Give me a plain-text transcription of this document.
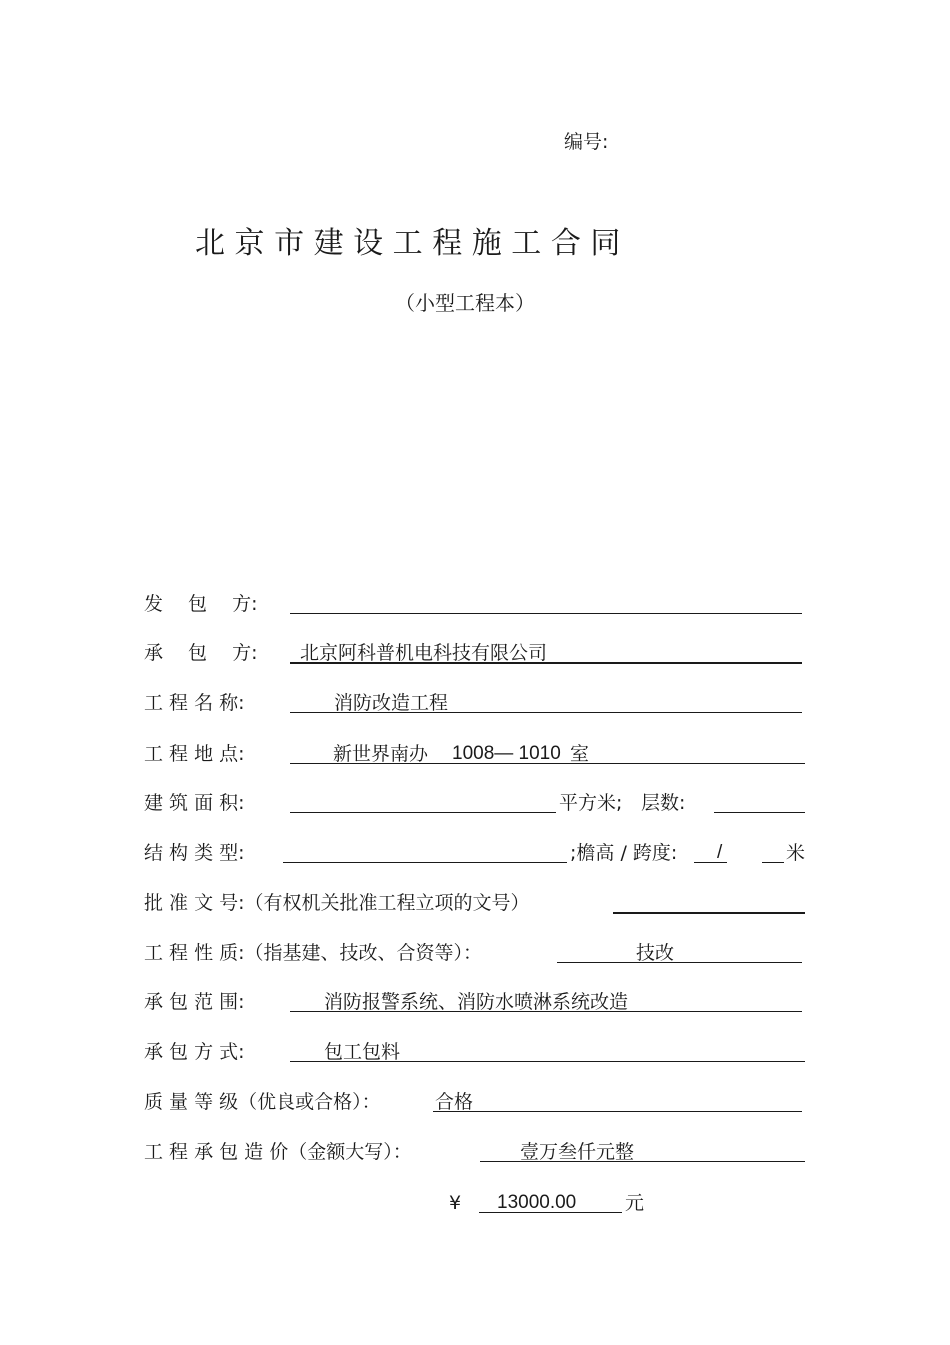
编号:
北 京 市 建 设 工 程 施 工 合 同
（小型工程本）
发　 包　 方:
承　 包　 方: 北京阿科普机电科技有限公司
工 程 名 称:	消防改造工程
工 程 地 点:	新世界南办 1008— 1010 室
建 筑 面 积:	平方米; 层数:
结 构 类 型:	;檐高 / 跨度: /	米
批 准 文 号:（有权机关批准工程立项的文号）
工 程 性 质:（指基建、技改、合资等）：	技改
承 包 范 围:	消防报警系统、消防水喷淋系统改造
承 包 方 式:	包工包料
质 量 等 级（优良或合格）：	合格
工 程 承 包 造 价（金额大写）：	壹万叁仟元整
¥ 13000.00	元
